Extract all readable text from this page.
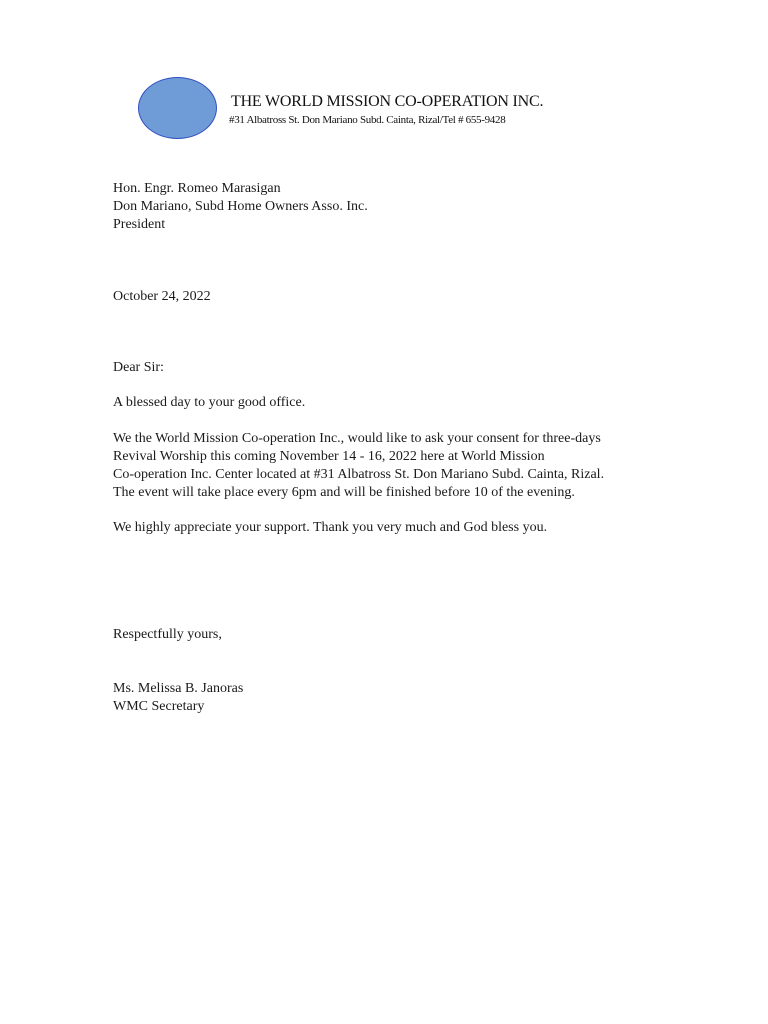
THE WORLD MISSION CO-OPERATION INC.
#31 Albatross St. Don Mariano Subd. Cainta, Rizal/Tel # 655-9428
Hon. Engr. Romeo Marasigan
Don Mariano, Subd Home Owners Asso. Inc.
President
October 24, 2022
Dear Sir:
A blessed day to your good office.
We the World Mission Co-operation Inc., would like to ask your consent for three-days
Revival Worship this coming November 14 - 16, 2022 here at World Mission
Co-operation Inc. Center located at #31 Albatross St. Don Mariano Subd. Cainta, Rizal.
The event will take place every 6pm and will be finished before 10 of the evening.
We highly appreciate your support. Thank you very much and God bless you.
Respectfully yours,
Ms. Melissa B. Janoras
WMC Secretary
